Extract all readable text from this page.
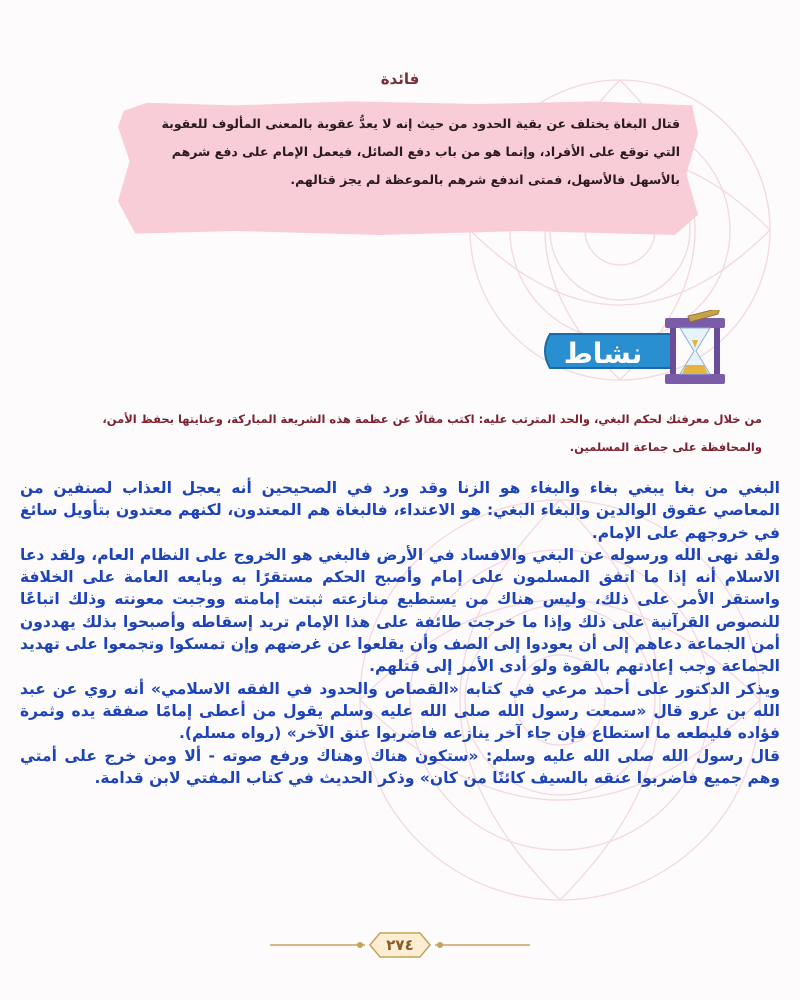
فائدة
قتال البغاة يختلف عن بقية الحدود من حيث إنه لا يعدُّ عقوبة بالمعنى المألوف للعقوبة التي توقع على الأفراد، وإنما هو من باب دفع الصائل، فيعمل الإمام على دفع شرهم بالأسهل فالأسهل، فمتى اندفع شرهم بالموعظة لم يجز قتالهم.
نشاط
من خلال معرفتك لحكم البغي، والحد المترتب عليه: اكتب مقالًا عن عظمة هذه الشريعة المباركة، وعنايتها بحفظ الأمن، والمحافظة على جماعة المسلمين.

البغي من بغا يبغي بغاء والبغاء هو الزنا وقد ورد في الصحيحين أنه يعجل العذاب لصنفين من المعاصي عقوق الوالدين والبغاء البغي: هو الاعتداء، فالبغاة هم المعتدون، لكنهم معتدون بتأويل سائغ في خروجهم على الإمام.

ولقد نهى الله ورسوله عن البغي والافساد في الأرض فالبغي هو الخروج على النظام العام، ولقد دعا الاسلام أنه إذا ما اتفق المسلمون على إمام وأصبح الحكم مستقرًا به وبايعه العامة على الخلافة واستقر الأمر على ذلك، وليس هناك من يستطيع منازعته ثبتت إمامته ووجبت معونته وذلك اتباعًا للنصوص القرآنية على ذلك وإذا ما خرجت طائفة على هذا الإمام تريد إسقاطه وأصبحوا بذلك يهددون أمن الجماعة دعاهم إلى أن يعودوا إلى الصف وأن يقلعوا عن غرضهم وإن تمسكوا وتجمعوا على تهديد الجماعة وجب إعادتهم بالقوة ولو أدى الأمر إلى قتلهم.

ويذكر الدكتور على أحمد مرعي في كتابه «القصاص والحدود في الفقه الاسلامي» أنه روي عن عبد الله بن عرو قال «سمعت رسول الله صلى الله عليه وسلم يقول من أعطى إمامًا صفقة يده وثمرة فؤاده فليطعه ما استطاع فإن جاء آخر ينازعه فاضربوا عنق الآخر» (رواه مسلم).

قال رسول الله صلى الله عليه وسلم: «ستكون هناك وهناك ورفع صوته - ألا ومن خرج على أمتي وهم جميع فاضربوا عنقه بالسيف كائنًا من كان» وذكر الحديث في كتاب المفتي لابن قدامة.

٢٧٤
